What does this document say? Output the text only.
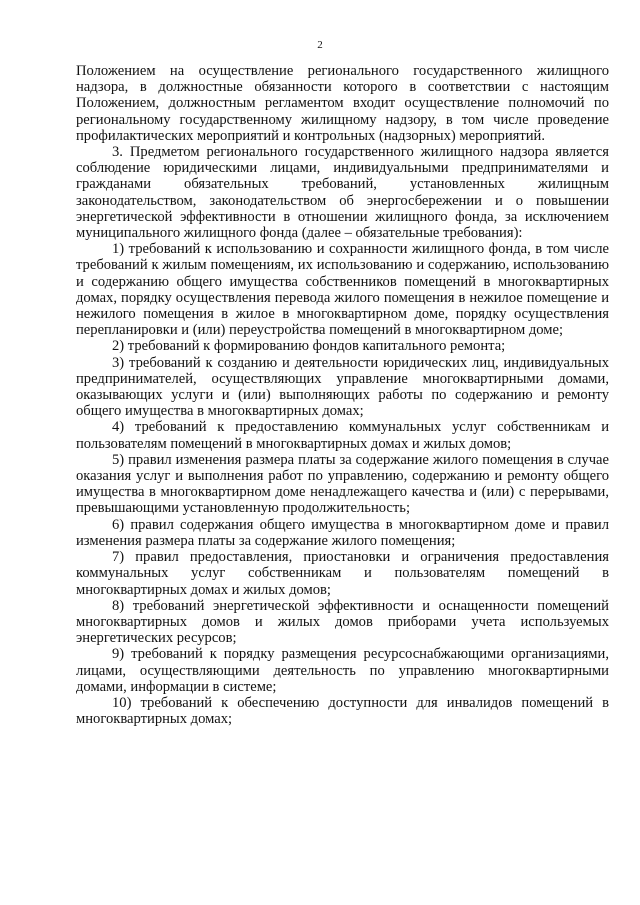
2

Положением на осуществление регионального государственного жилищного надзора, в должностные обязанности которого в соответствии с настоящим Положением, должностным регламентом входит осуществление полномочий по региональному государственному жилищному надзору, в том числе проведение профилактических мероприятий и контрольных (надзорных) мероприятий.

3. Предметом регионального государственного жилищного надзора является соблюдение юридическими лицами, индивидуальными предпринимателями и гражданами обязательных требований, установленных жилищным законодательством, законодательством об энергосбережении и о повышении энергетической эффективности в отношении жилищного фонда, за исключением муниципального жилищного фонда (далее – обязательные требования):

1) требований к использованию и сохранности жилищного фонда, в том числе требований к жилым помещениям, их использованию и содержанию, использованию и содержанию общего имущества собственников помещений в многоквартирных домах, порядку осуществления перевода жилого помещения в нежилое помещение и нежилого помещения в жилое в многоквартирном доме, порядку осуществления перепланировки и (или) переустройства помещений в многоквартирном доме;

2) требований к формированию фондов капитального ремонта;

3) требований к созданию и деятельности юридических лиц, индивидуальных предпринимателей, осуществляющих управление многоквартирными домами, оказывающих услуги и (или) выполняющих работы по содержанию и ремонту общего имущества в многоквартирных домах;

4) требований к предоставлению коммунальных услуг собственникам и пользователям помещений в многоквартирных домах и жилых домов;

5) правил изменения размера платы за содержание жилого помещения в случае оказания услуг и выполнения работ по управлению, содержанию и ремонту общего имущества в многоквартирном доме ненадлежащего качества и (или) с перерывами, превышающими установленную продолжительность;

6) правил содержания общего имущества в многоквартирном доме и правил изменения размера платы за содержание жилого помещения;

7) правил предоставления, приостановки и ограничения предоставления коммунальных услуг собственникам и пользователям помещений в многоквартирных домах и жилых домов;

8) требований энергетической эффективности и оснащенности помещений многоквартирных домов и жилых домов приборами учета используемых энергетических ресурсов;

9) требований к порядку размещения ресурсоснабжающими организациями, лицами, осуществляющими деятельность по управлению многоквартирными домами, информации в системе;

10) требований к обеспечению доступности для инвалидов помещений в многоквартирных домах;
